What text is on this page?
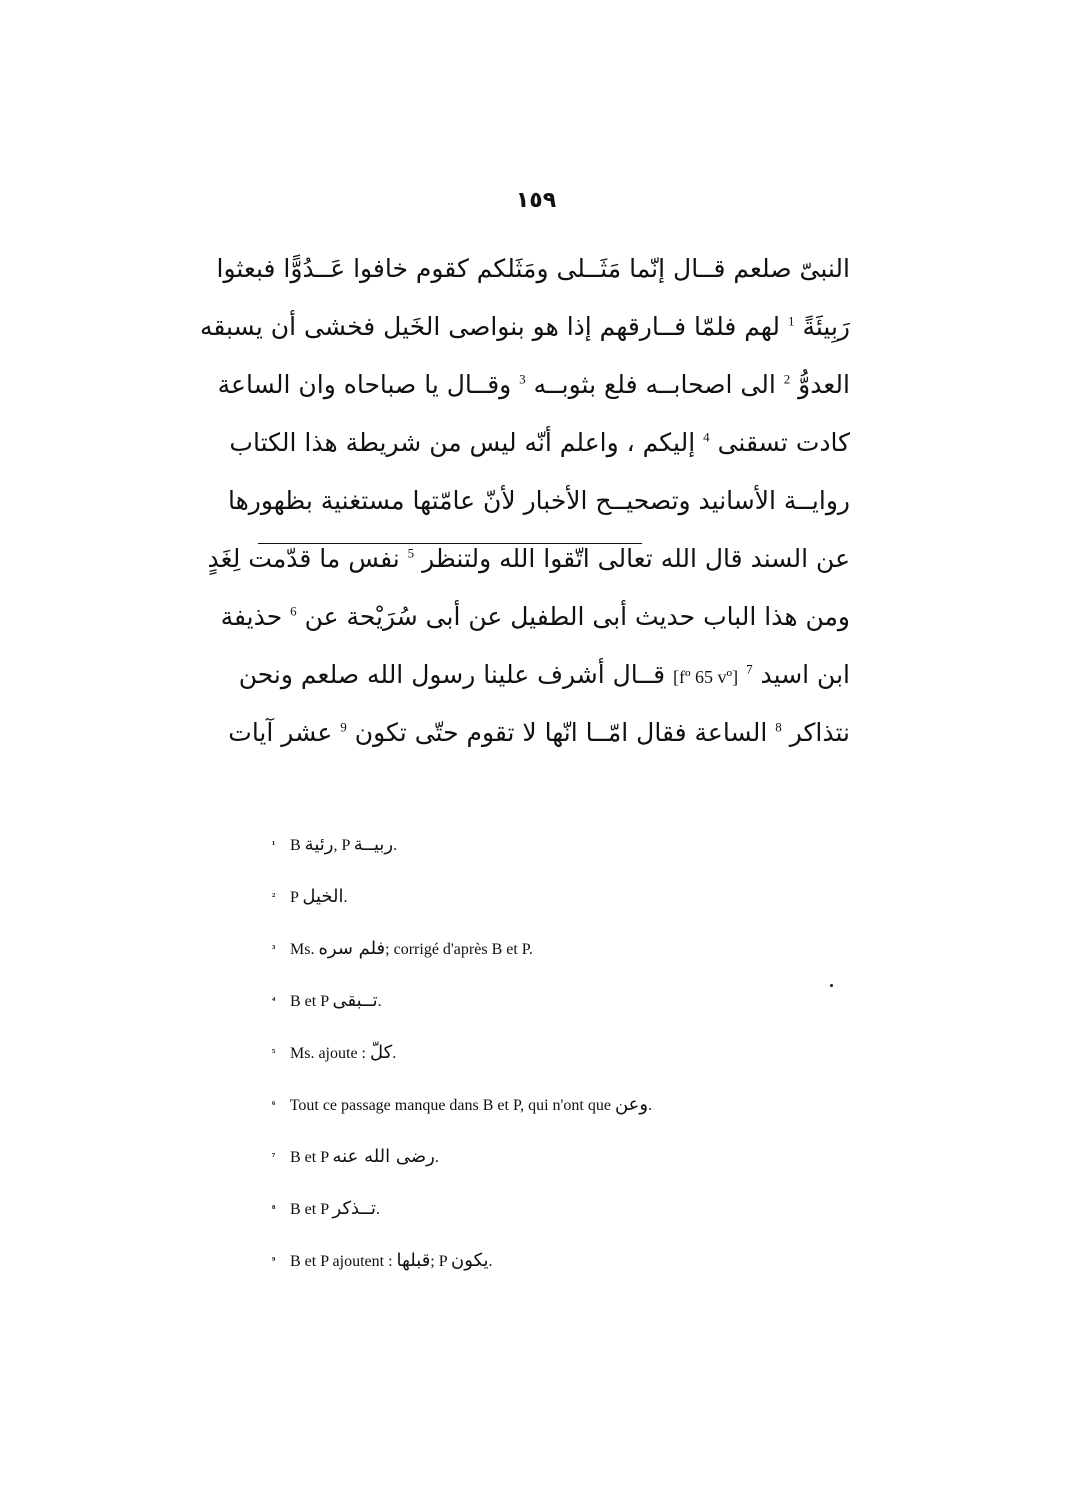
١٥٩
النبىّ صلعم قــال إنّما مَثَــلى ومَثَلكم كقوم خافوا عَــدُوًّا فبعثوا
رَبِيئَةً $^1$ لهم فلمّا فــارقهم إذا هو بنواصى الخَيل فخشى أن يسبقه
العدوُّ $^2$ الى اصحابــه فلع بثوبــه $^3$ وقــال يا صباحاه وان الساعة
كادت تسقنى $^4$ إليكم ، واعلم أنّه ليس من شريطة هذا الكتاب
روايــة الأسانيد وتصحيــح الأخبار لأنّ عامّتها مستغنية بظهورها
عن السند قال الله تعالى اتّقوا الله ولتنظر $^5$ نفس ما قدّمت لِغَدٍ
ومن هذا الباب حديث أبى الطفيل عن أبى سُرَيْحة عن $^6$ حذيفة
ابن اسيد $^7$ [fº 65 vº] قــال أشرف علينا رسول الله صلعم ونحن
نتذاكر $^8$ الساعة فقال امّــا انّها لا تقوم حتّى تكون $^9$ عشر آيات
¹ B رئية, P ربيــة.
² P الخيل.
³ Ms. فلم سره; corrigé d'après B et P.
⁴ B et P تــبقى.
⁵ Ms. ajoute : كلّ.
⁶ Tout ce passage manque dans B et P, qui n'ont que وعن.
⁷ B et P رضى الله عنه.
⁸ B et P تــذكر.
⁹ B et P ajoutent : قبلها; P يكون.
